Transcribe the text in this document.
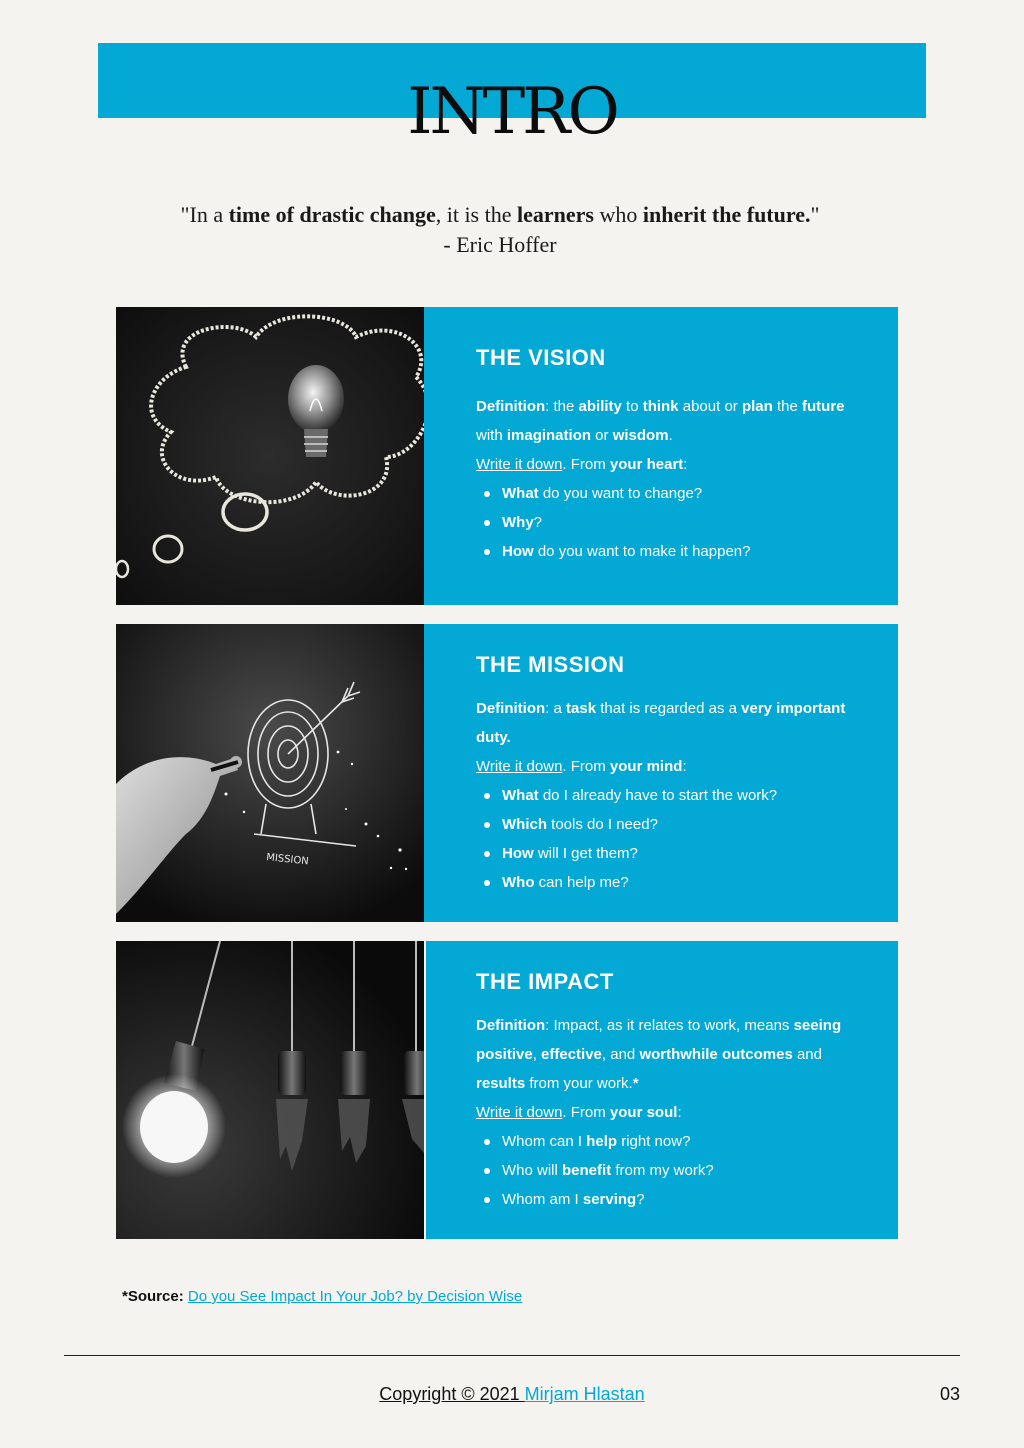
INTRO
"In a time of drastic change, it is the learners who inherit the future."
- Eric Hoffer
THE VISION

Definition: the ability to think about or plan the future with imagination or wisdom.

Write it down. From your heart:

What do you want to change?
Why?
How do you want to make it happen?
MISSION
THE MISSION

Definition: a task that is regarded as a very important duty.

Write it down. From your mind:

What do I already have to start the work?
Which tools do I need?
How will I get them?
Who can help me?
THE IMPACT

Definition: Impact, as it relates to work, means seeing positive, effective, and worthwhile outcomes and results from your work.*

Write it down. From your soul:

Whom can I help right now?
Who will benefit from my work?
Whom am I serving?
*Source: Do you See Impact In Your Job? by Decision Wise
Copyright © 2021 Mirjam Hlastan	03
